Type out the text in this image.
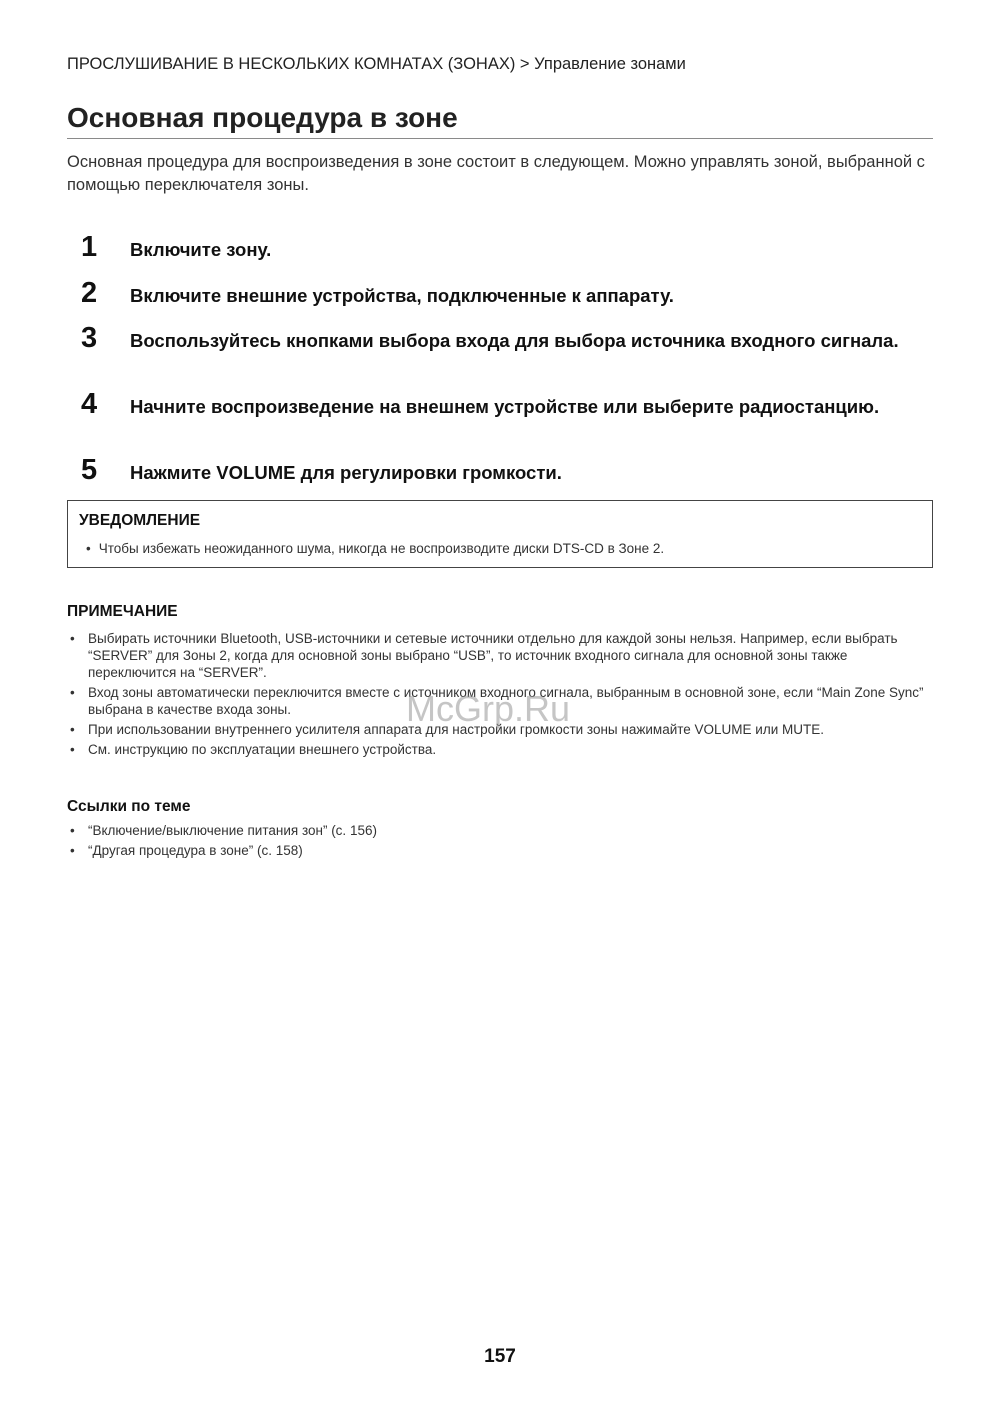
ПРОСЛУШИВАНИЕ В НЕСКОЛЬКИХ КОМНАТАХ (ЗОНАХ) > Управление зонами
Основная процедура в зоне
Основная процедура для воспроизведения в зоне состоит в следующем. Можно управлять зоной, выбранной с помощью переключателя зоны.
1 Включите зону.
2 Включите внешние устройства, подключенные к аппарату.
3 Воспользуйтесь кнопками выбора входа для выбора источника входного сигнала.
4 Начните воспроизведение на внешнем устройстве или выберите радиостанцию.
5 Нажмите VOLUME для регулировки громкости.
УВЕДОМЛЕНИЕ
• Чтобы избежать неожиданного шума, никогда не воспроизводите диски DTS-CD в Зоне 2.
ПРИМЕЧАНИЕ
• Выбирать источники Bluetooth, USB-источники и сетевые источники отдельно для каждой зоны нельзя. Например, если выбрать “SERVER” для Зоны 2, когда для основной зоны выбрано “USB”, то источник входного сигнала для основной зоны также переключится на “SERVER”.
• Вход зоны автоматически переключится вместе с источником входного сигнала, выбранным в основной зоне, если “Main Zone Sync” выбрана в качестве входа зоны.
• При использовании внутреннего усилителя аппарата для настройки громкости зоны нажимайте VOLUME или MUTE.
• См. инструкцию по эксплуатации внешнего устройства.
Ссылки по теме
• “Включение/выключение питания зон” (с. 156)
• “Другая процедура в зоне” (с. 158)
McGrp.Ru
157
